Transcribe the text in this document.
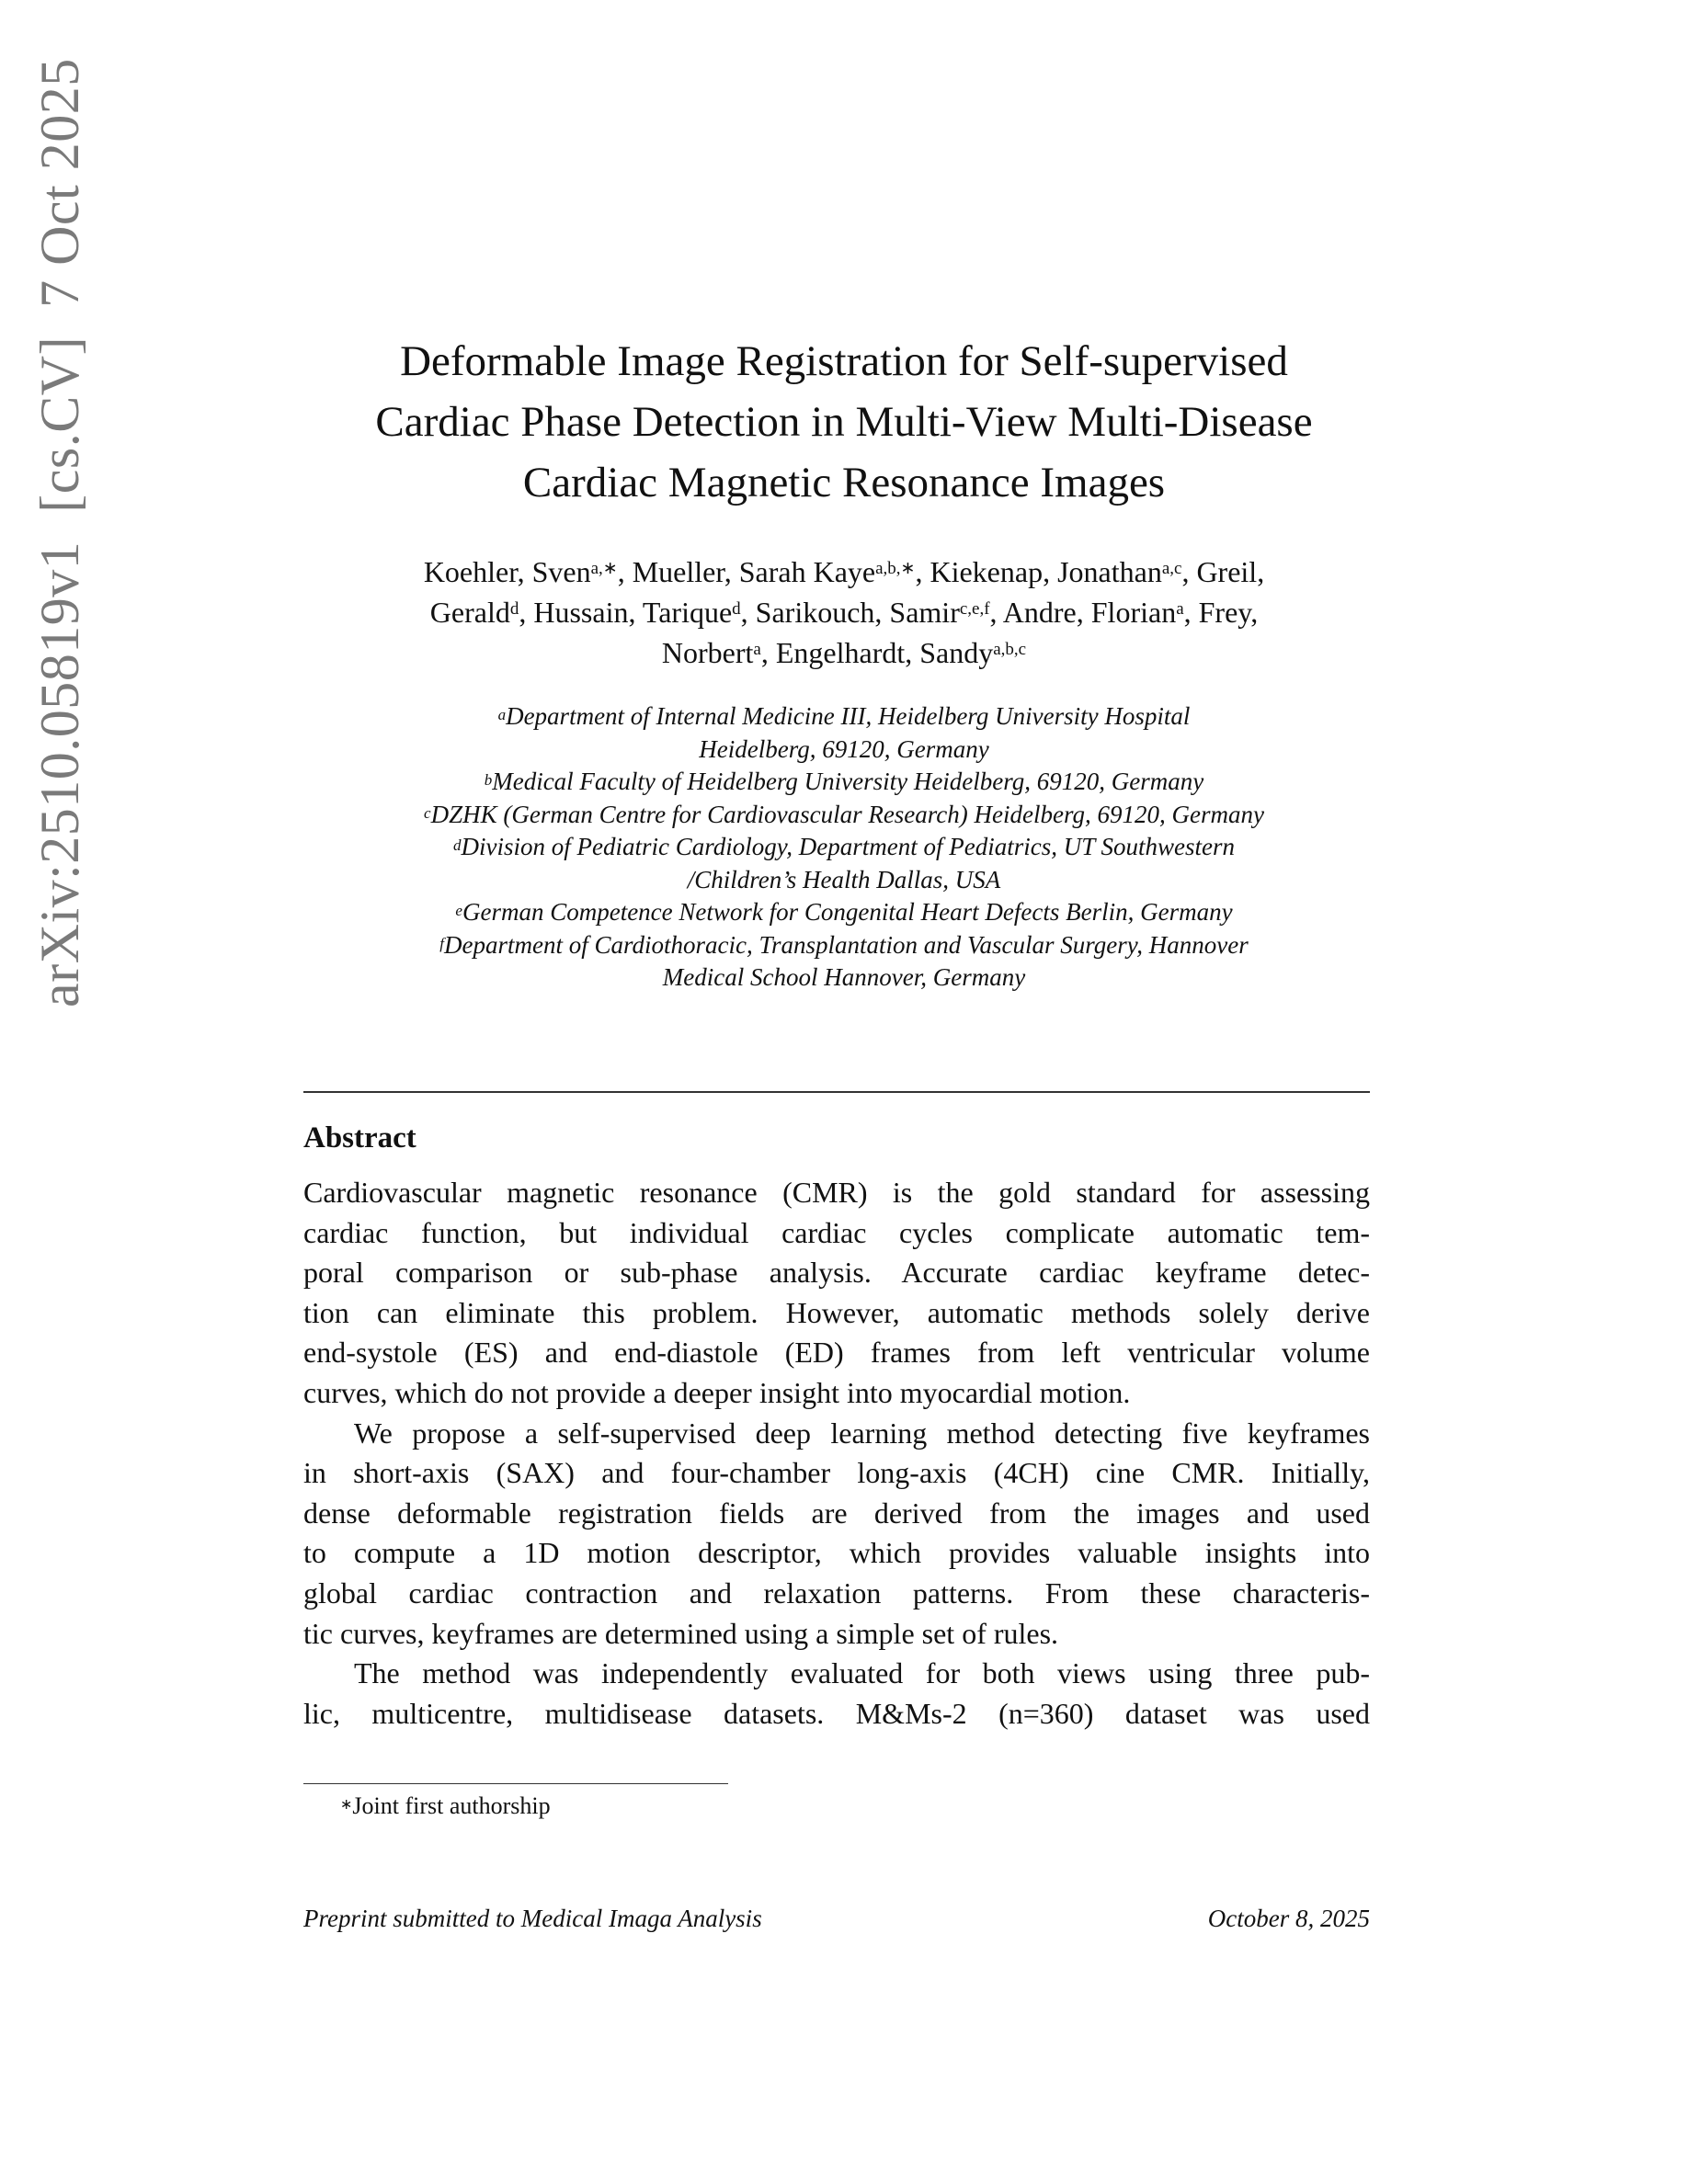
arXiv:2510.05819v1  [cs.CV]  7 Oct 2025	Deformable Image Registration for Self-supervised
Cardiac Phase Detection in Multi-View Multi-Disease
Cardiac Magnetic Resonance Images
Koehler, Sven$^{a,∗}$, Mueller, Sarah Kaye$^{a,b,∗}$, Kiekenap, Jonathan$^{a,c}$, Greil,
Gerald$^d$, Hussain, Tarique$^d$, Sarikouch, Samir$^{c,e,f}$, Andre, Florian$^a$, Frey,
Norbert$^a$, Engelhardt, Sandy$^{a,b,c}$
$^a$Department of Internal Medicine III, Heidelberg University Hospital
Heidelberg, 69120, Germany
$^b$Medical Faculty of Heidelberg University Heidelberg, 69120, Germany
$^c$DZHK (German Centre for Cardiovascular Research) Heidelberg, 69120, Germany
$^d$Division of Pediatric Cardiology, Department of Pediatrics, UT Southwestern
/Children’s Health Dallas, USA
$^e$German Competence Network for Congenital Heart Defects Berlin, Germany
$^f$Department of Cardiothoracic, Transplantation and Vascular Surgery, Hannover
Medical School Hannover, Germany
Abstract
Cardiovascular magnetic resonance (CMR) is the gold standard for assessing
cardiac function, but individual cardiac cycles complicate automatic tem-
poral comparison or sub-phase analysis. Accurate cardiac keyframe detec-
tion can eliminate this problem. However, automatic methods solely derive
end-systole (ES) and end-diastole (ED) frames from left ventricular volume
curves, which do not provide a deeper insight into myocardial motion.
We propose a self-supervised deep learning method detecting five keyframes
in short-axis (SAX) and four-chamber long-axis (4CH) cine CMR. Initially,
dense deformable registration fields are derived from the images and used
to compute a 1D motion descriptor, which provides valuable insights into
global cardiac contraction and relaxation patterns. From these characteris-
tic curves, keyframes are determined using a simple set of rules.
The method was independently evaluated for both views using three pub-
lic, multicentre, multidisease datasets. M&Ms-2 (n=360) dataset was used
∗Joint first authorship
Preprint submitted to Medical Imaga Analysis	October 8, 2025
